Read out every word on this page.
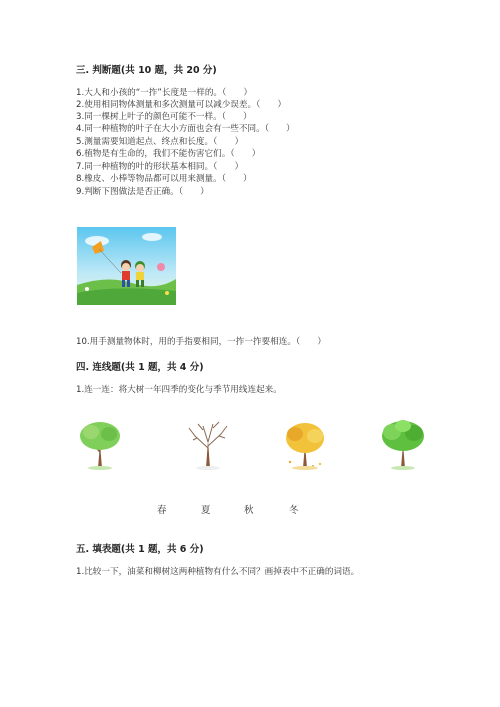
三. 判断题(共 10 题，共 20 分)
1.大人和小孩的“一拃”长度是一样的。（　　）
2.使用相同物体测量和多次测量可以减少误差。（　　）
3.同一棵树上叶子的颜色可能不一样。（　　）
4.同一种植物的叶子在大小方面也会有一些不同。（　　）
5.测量需要知道起点、终点和长度。（　　）
6.植物是有生命的，我们不能伤害它们。（　　）
7.同一种植物的叶的形状基本相同。（　　）
8.橡皮、小棒等物品都可以用来测量。（　　）
9.判断下图做法是否正确。（　　）
10.用手测量物体时，用的手指要相同，一拃一拃要相连。（　　）
四. 连线题(共 1 题，共 4 分)
1.连一连：将大树一年四季的变化与季节用线连起来。
春	夏	秋	冬
五. 填表题(共 1 题，共 6 分)
1.比较一下，油菜和柳树这两种植物有什么不同？画掉表中不正确的词语。
